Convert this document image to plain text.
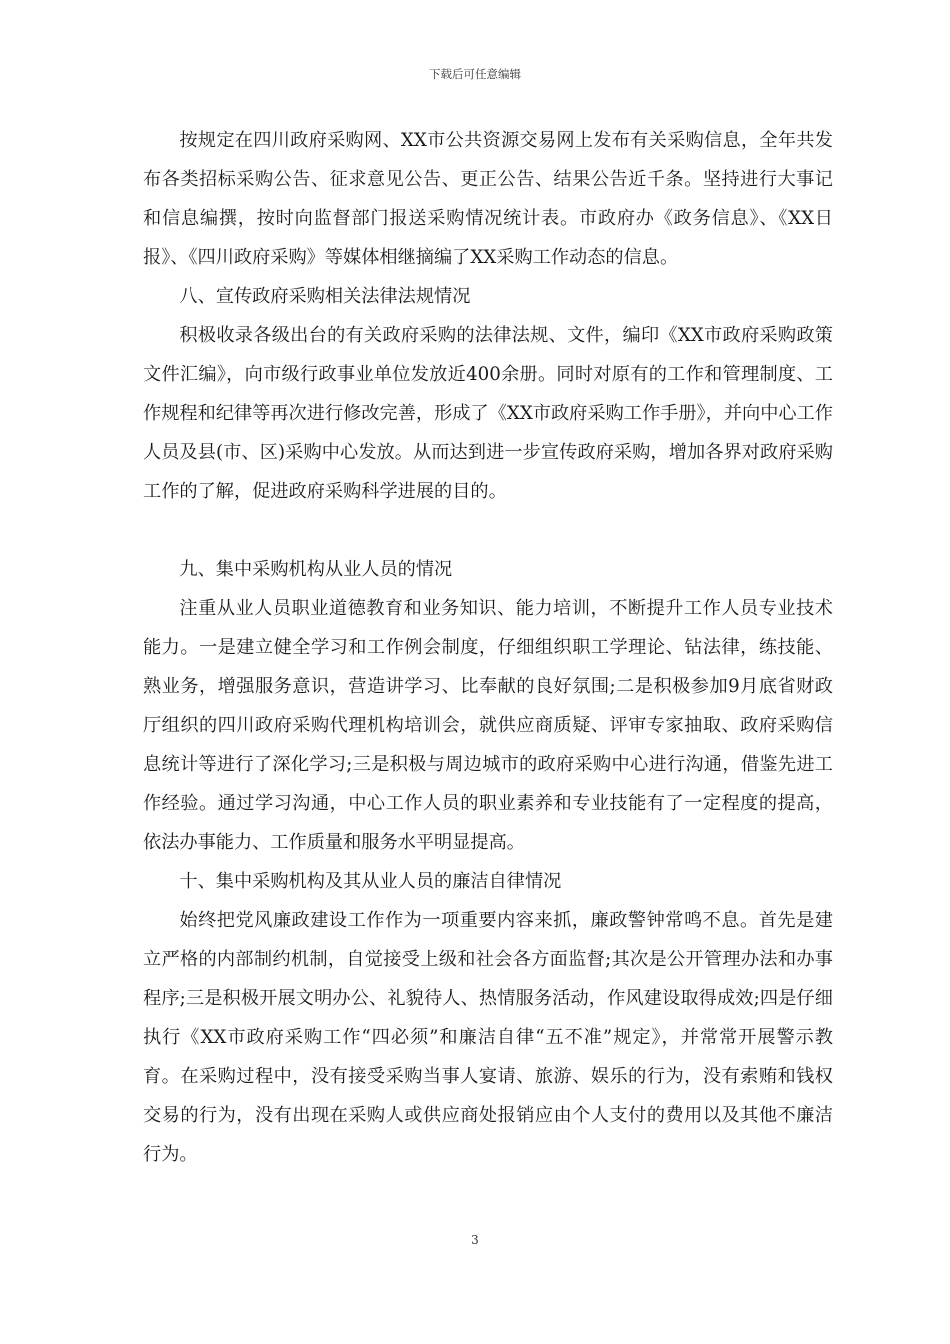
下载后可任意编辑

按规定在四川政府采购网、XX市公共资源交易网上发布有关采购信息，全年共发布各类招标采购公告、征求意见公告、更正公告、结果公告近千条。坚持进行大事记和信息编撰，按时向监督部门报送采购情况统计表。市政府办《政务信息》、《XX日报》、《四川政府采购》等媒体相继摘编了XX采购工作动态的信息。

八、宣传政府采购相关法律法规情况

积极收录各级出台的有关政府采购的法律法规、文件，编印《XX市政府采购政策文件汇编》，向市级行政事业单位发放近400余册。同时对原有的工作和管理制度、工作规程和纪律等再次进行修改完善，形成了《XX市政府采购工作手册》，并向中心工作人员及县(市、区)采购中心发放。从而达到进一步宣传政府采购，增加各界对政府采购工作的了解，促进政府采购科学进展的目的。

九、集中采购机构从业人员的情况

注重从业人员职业道德教育和业务知识、能力培训，不断提升工作人员专业技术能力。一是建立健全学习和工作例会制度，仔细组织职工学理论、钻法律，练技能、熟业务，增强服务意识，营造讲学习、比奉献的良好氛围;二是积极参加9月底省财政厅组织的四川政府采购代理机构培训会，就供应商质疑、评审专家抽取、政府采购信息统计等进行了深化学习;三是积极与周边城市的政府采购中心进行沟通，借鉴先进工作经验。通过学习沟通，中心工作人员的职业素养和专业技能有了一定程度的提高，依法办事能力、工作质量和服务水平明显提高。

十、集中采购机构及其从业人员的廉洁自律情况

始终把党风廉政建设工作作为一项重要内容来抓，廉政警钟常鸣不息。首先是建立严格的内部制约机制，自觉接受上级和社会各方面监督;其次是公开管理办法和办事程序;三是积极开展文明办公、礼貌待人、热情服务活动，作风建设取得成效;四是仔细执行《XX市政府采购工作“四必须”和廉洁自律“五不准”规定》，并常常开展警示教育。在采购过程中，没有接受采购当事人宴请、旅游、娱乐的行为，没有索贿和钱权交易的行为，没有出现在采购人或供应商处报销应由个人支付的费用以及其他不廉洁行为。

3
